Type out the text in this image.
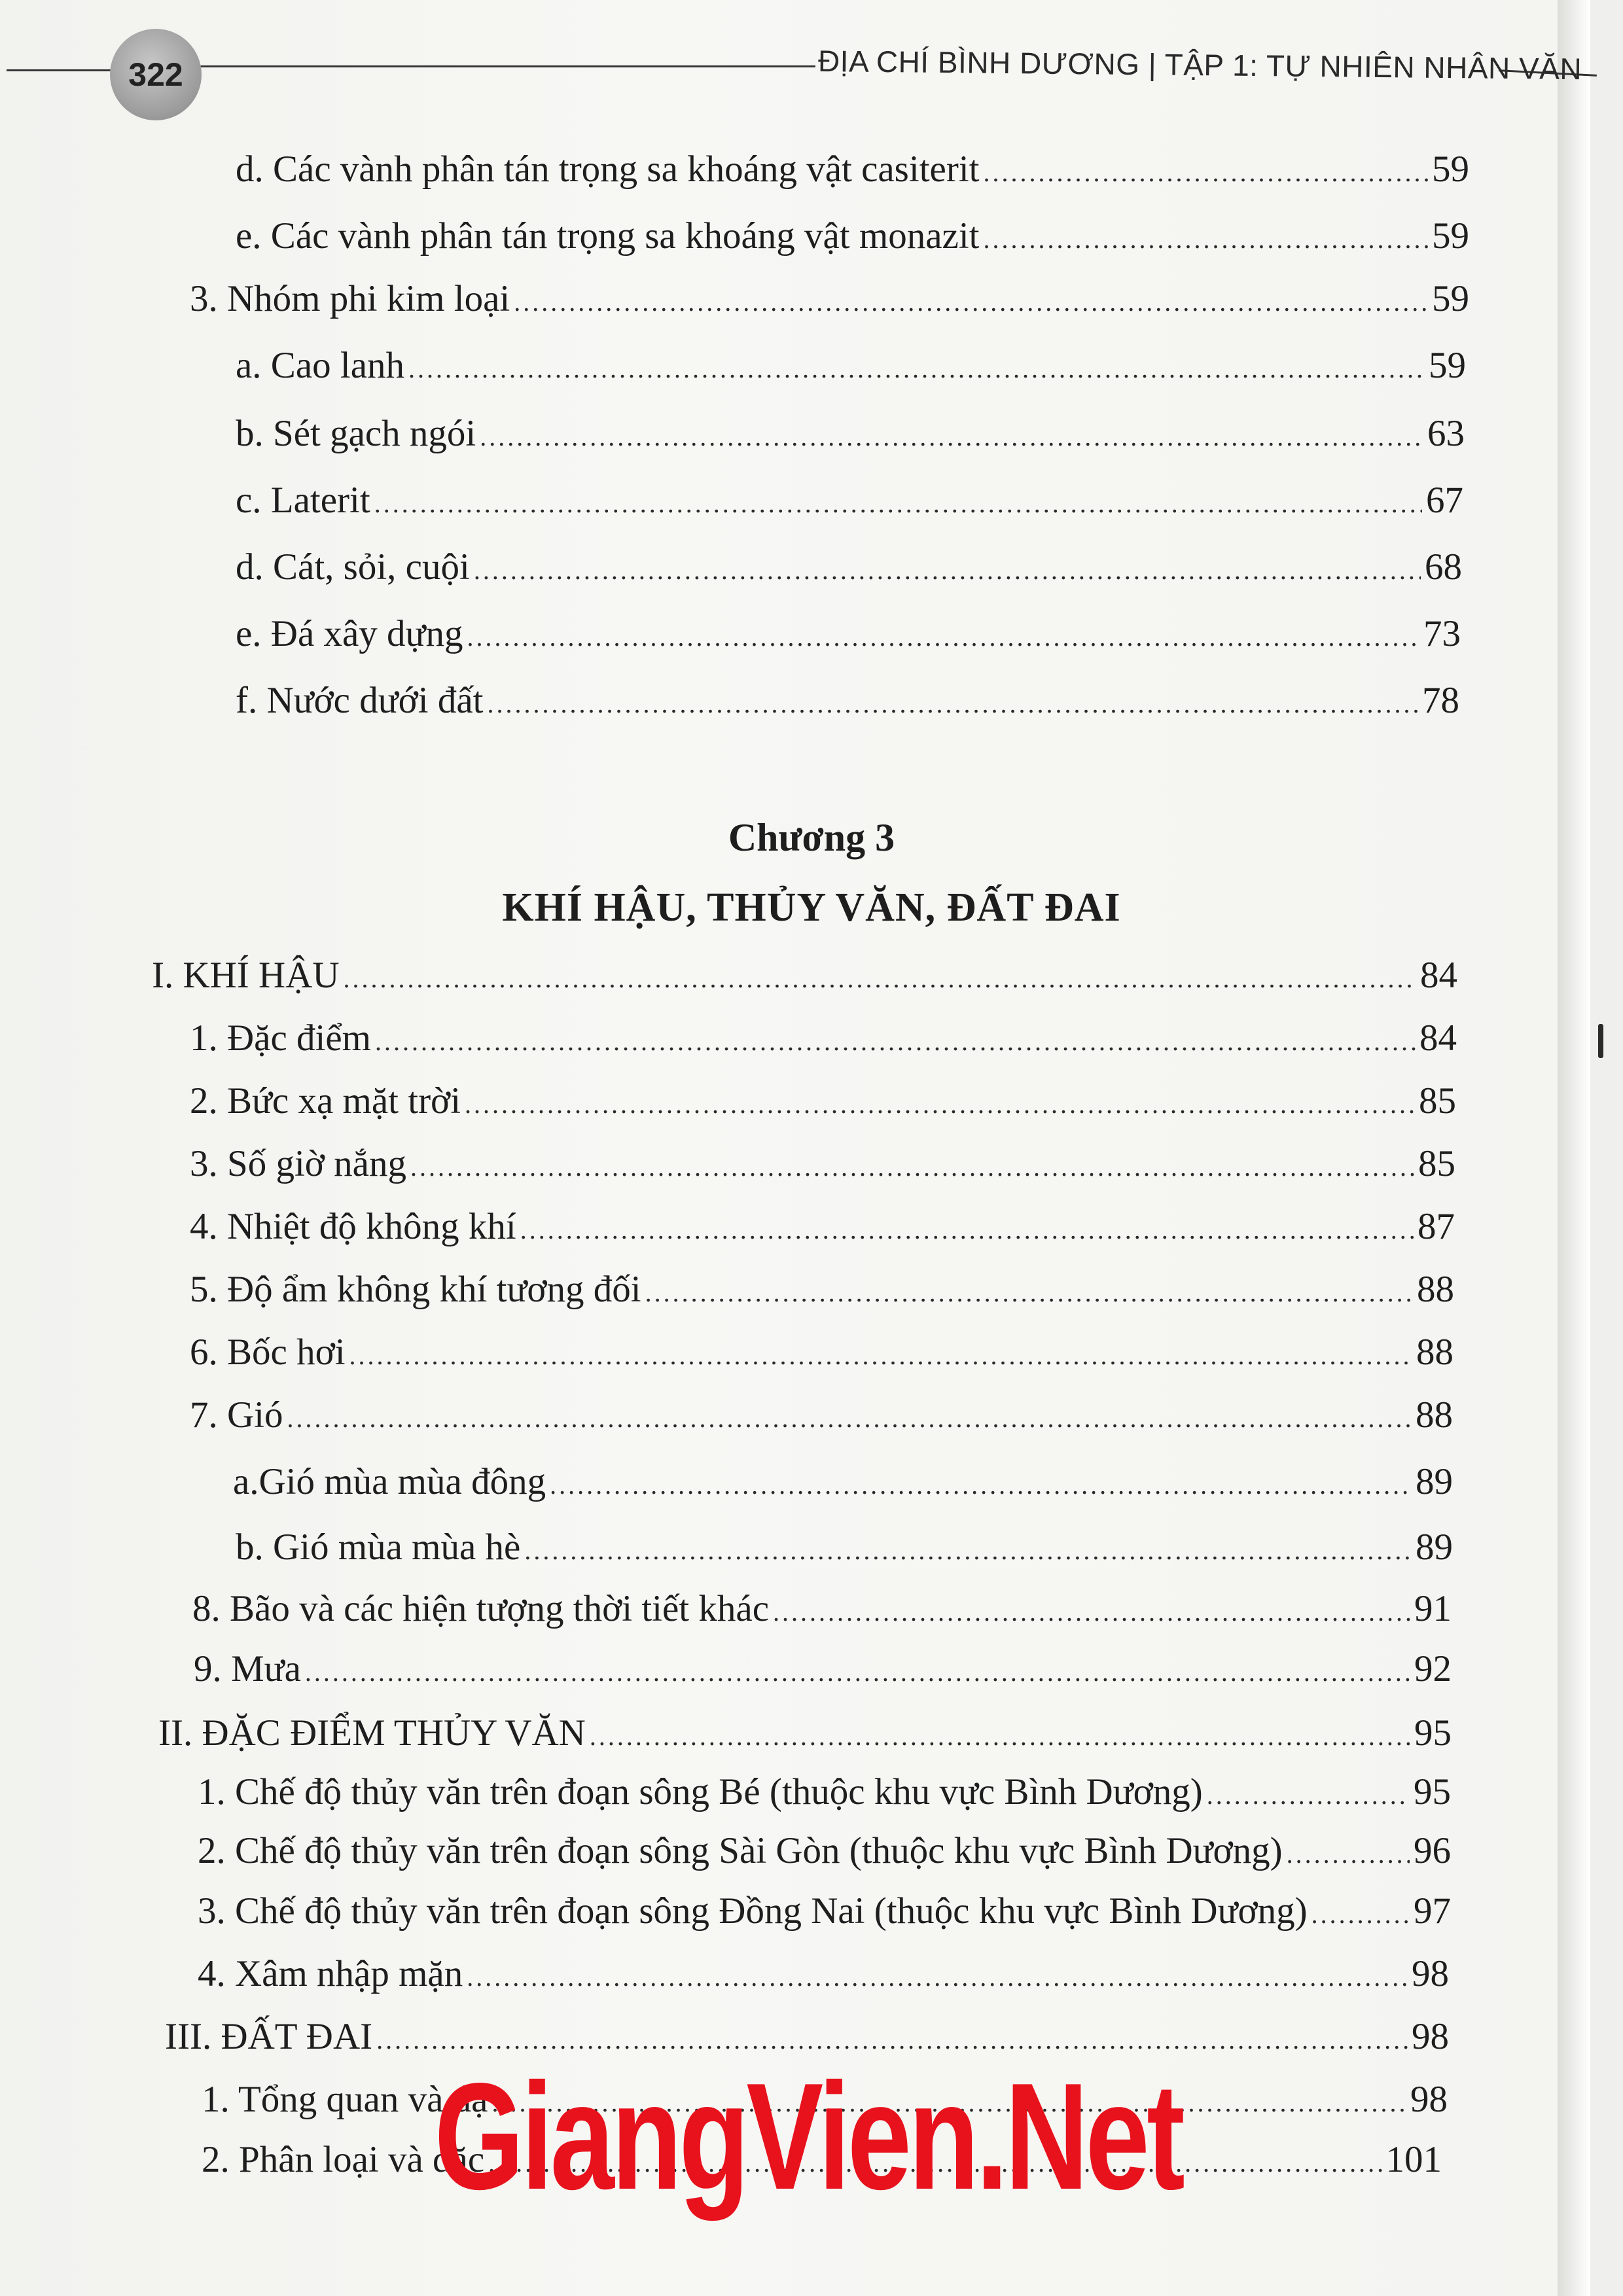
322	ĐỊA CHÍ BÌNH DƯƠNG | TẬP 1: TỰ NHIÊN NHÂN VĂN
d. Các vành phân tán trọng sa khoáng vật casiterit .....	59
e. Các vành phân tán trọng sa khoáng vật monazit .....	59
3. Nhóm phi kim loại .....	59
a. Cao lanh .....	59
b. Sét gạch ngói .....	63
c. Laterit .....	67
d. Cát, sỏi, cuội .....	68
e. Đá xây dựng .....	73
f. Nước dưới đất .....	78
Chương 3
KHÍ HẬU, THỦY VĂN, ĐẤT ĐAI
I. KHÍ HẬU .....	84
1. Đặc điểm .....	84
2. Bức xạ mặt trời .....	85
3. Số giờ nắng .....	85
4. Nhiệt độ không khí .....	87
5. Độ ẩm không khí tương đối .....	88
6. Bốc hơi .....	88
7. Gió .....	88
a.Gió mùa mùa đông .....	89
b. Gió mùa mùa hè .....	89
8. Bão và các hiện tượng thời tiết khác .....	91
9. Mưa .....	92
II. ĐẶC ĐIỂM THỦY VĂN .....	95
1. Chế độ thủy văn trên đoạn sông Bé (thuộc khu vực Bình Dương) .....	95
2. Chế độ thủy văn trên đoạn sông Sài Gòn (thuộc khu vực Bình Dương) .....	96
3. Chế độ thủy văn trên đoạn sông Đồng Nai (thuộc khu vực Bình Dương) .....	97
4. Xâm nhập mặn .....	98
III. ĐẤT ĐAI .....	98
1. Tổng quan và đặ .....	98
2. Phân loại và đặc .....	101
GiangVien.Net
